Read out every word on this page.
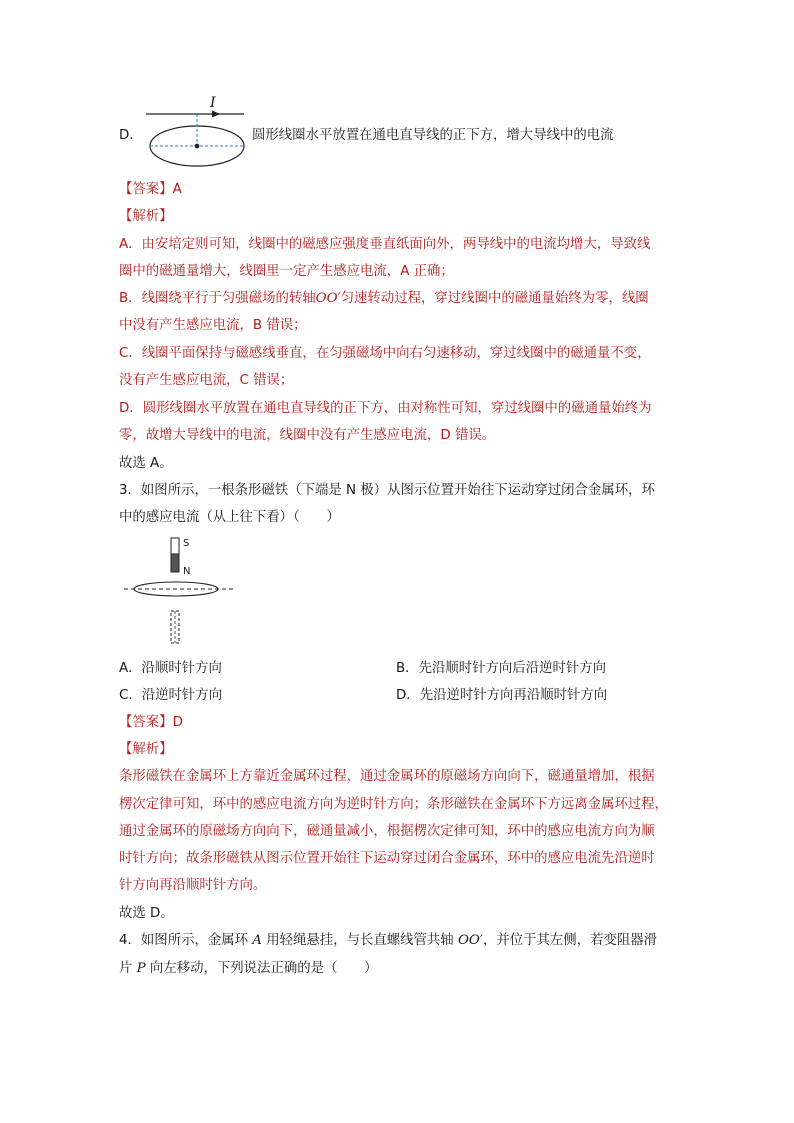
D．
I
圆形线圈水平放置在通电直导线的正下方，增大导线中的电流
【答案】A
【解析】
A．由安培定则可知，线圈中的磁感应强度垂直纸面向外，两导线中的电流均增大，导致线
圈中的磁通量增大，线圈里一定产生感应电流，A 正确；
B．线圈绕平行于匀强磁场的转轴OO′匀速转动过程，穿过线圈中的磁通量始终为零，线圈
中没有产生感应电流，B 错误；
C．线圈平面保持与磁感线垂直，在匀强磁场中向右匀速移动，穿过线圈中的磁通量不变，
没有产生感应电流，C 错误；
D．圆形线圈水平放置在通电直导线的正下方，由对称性可知，穿过线圈中的磁通量始终为
零，故增大导线中的电流，线圈中没有产生感应电流，D 错误。
故选 A。
3．如图所示，一根条形磁铁（下端是 N 极）从图示位置开始往下运动穿过闭合金属环，环
中的感应电流（从上往下看）（　　）
S
N
A．沿顺时针方向	B．先沿顺时针方向后沿逆时针方向
C．沿逆时针方向	D．先沿逆时针方向再沿顺时针方向
【答案】D
【解析】
条形磁铁在金属环上方靠近金属环过程，通过金属环的原磁场方向向下，磁通量增加，根据
楞次定律可知，环中的感应电流方向为逆时针方向；条形磁铁在金属环下方远离金属环过程，
通过金属环的原磁场方向向下，磁通量减小，根据楞次定律可知，环中的感应电流方向为顺
时针方向；故条形磁铁从图示位置开始往下运动穿过闭合金属环，环中的感应电流先沿逆时
针方向再沿顺时针方向。
故选 D。
4．如图所示，金属环 A 用轻绳悬挂，与长直螺线管共轴 OO′，并位于其左侧，若变阻器滑
片 P 向左移动，下列说法正确的是（　　）
